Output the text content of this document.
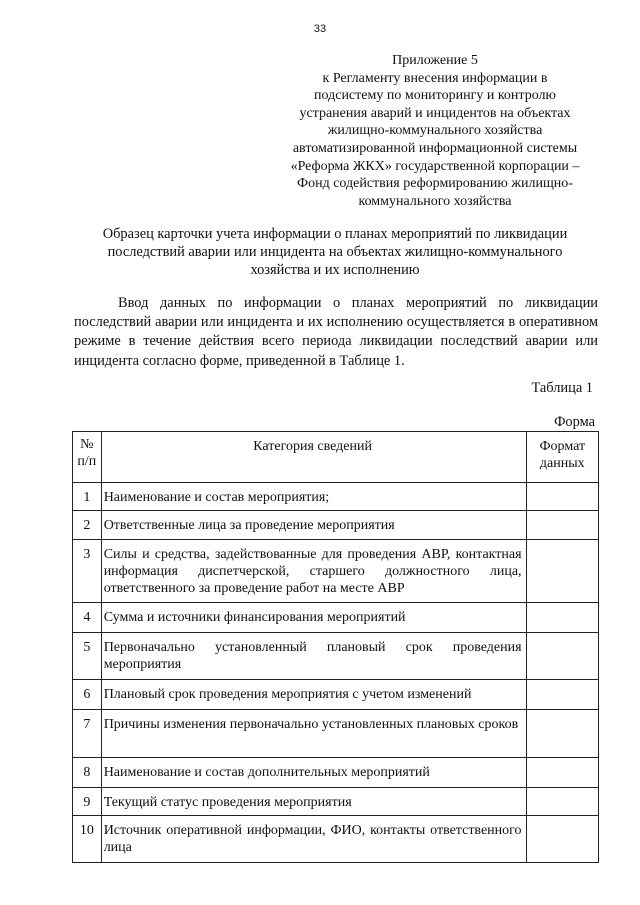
33
Приложение 5
к Регламенту внесения информации в
подсистему по мониторингу и контролю
устранения аварий и инцидентов на объектах
жилищно-коммунального хозяйства
автоматизированной информационной системы
«Реформа ЖКХ» государственной корпорации –
Фонд содействия реформированию жилищно-
коммунального хозяйства
Образец карточки учета информации о планах мероприятий по ликвидации
последствий аварии или инцидента на объектах жилищно-коммунального
хозяйства и их исполнению
Ввод данных по информации о планах мероприятий по ликвидации последствий аварии или инцидента и их исполнению осуществляется в оперативном режиме в течение действия всего периода ликвидации последствий аварии или инцидента согласно форме, приведенной в Таблице 1.
Таблица 1
Форма
№ п/п	Категория сведений	Формат данных
1	Наименование и состав мероприятия;	
2	Ответственные лица за проведение мероприятия	
3	Силы и средства, задействованные для проведения АВР, контактная информация диспетчерской, старшего должностного лица, ответственного за проведение работ на месте АВР	
4	Сумма и источники финансирования мероприятий	
5	Первоначально установленный плановый срок проведения мероприятия	
6	Плановый срок проведения мероприятия с учетом изменений	
7	Причины изменения первоначально установленных плановых сроков	
8	Наименование и состав дополнительных мероприятий	
9	Текущий статус проведения мероприятия	
10	Источник оперативной информации, ФИО, контакты ответственного лица	
